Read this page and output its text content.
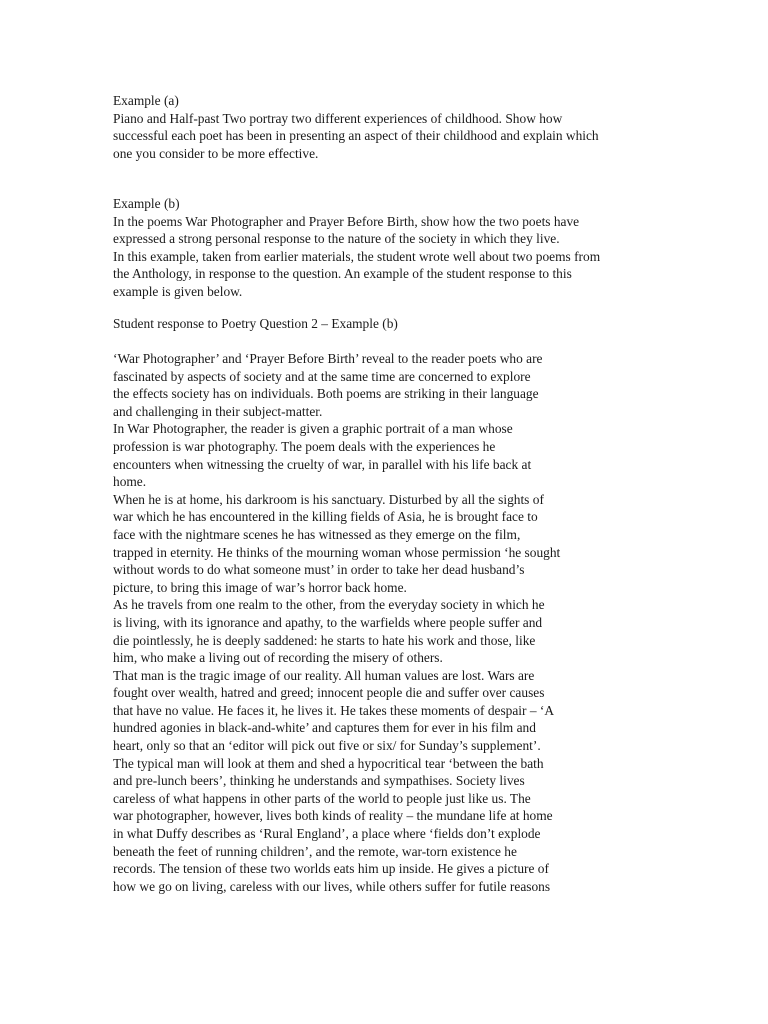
Example (a)
Piano and Half-past Two portray two different experiences of childhood. Show how
successful each poet has been in presenting an aspect of their childhood and explain which
one you consider to be more effective.
Example (b)
In the poems War Photographer and Prayer Before Birth, show how the two poets have
expressed a strong personal response to the nature of the society in which they live.
In this example, taken from earlier materials, the student wrote well about two poems from
the Anthology, in response to the question. An example of the student response to this
example is given below.
Student response to Poetry Question 2 – Example (b)
‘War Photographer’ and ‘Prayer Before Birth’ reveal to the reader poets who are
fascinated by aspects of society and at the same time are concerned to explore
the effects society has on individuals. Both poems are striking in their language
and challenging in their subject-matter.
In War Photographer, the reader is given a graphic portrait of a man whose
profession is war photography. The poem deals with the experiences he
encounters when witnessing the cruelty of war, in parallel with his life back at
home.
When he is at home, his darkroom is his sanctuary. Disturbed by all the sights of
war which he has encountered in the killing fields of Asia, he is brought face to
face with the nightmare scenes he has witnessed as they emerge on the film,
trapped in eternity. He thinks of the mourning woman whose permission ‘he sought
without words to do what someone must’ in order to take her dead husband’s
picture, to bring this image of war’s horror back home.
As he travels from one realm to the other, from the everyday society in which he
is living, with its ignorance and apathy, to the warfields where people suffer and
die pointlessly, he is deeply saddened: he starts to hate his work and those, like
him, who make a living out of recording the misery of others.
That man is the tragic image of our reality. All human values are lost. Wars are
fought over wealth, hatred and greed; innocent people die and suffer over causes
that have no value. He faces it, he lives it. He takes these moments of despair – ‘A
hundred agonies in black-and-white’ and captures them for ever in his film and
heart, only so that an ‘editor will pick out five or six/ for Sunday’s supplement’.
The typical man will look at them and shed a hypocritical tear ‘between the bath
and pre-lunch beers’, thinking he understands and sympathises. Society lives
careless of what happens in other parts of the world to people just like us. The
war photographer, however, lives both kinds of reality – the mundane life at home
in what Duffy describes as ‘Rural England’, a place where ‘fields don’t explode
beneath the feet of running children’, and the remote, war-torn existence he
records. The tension of these two worlds eats him up inside. He gives a picture of
how we go on living, careless with our lives, while others suffer for futile reasons
